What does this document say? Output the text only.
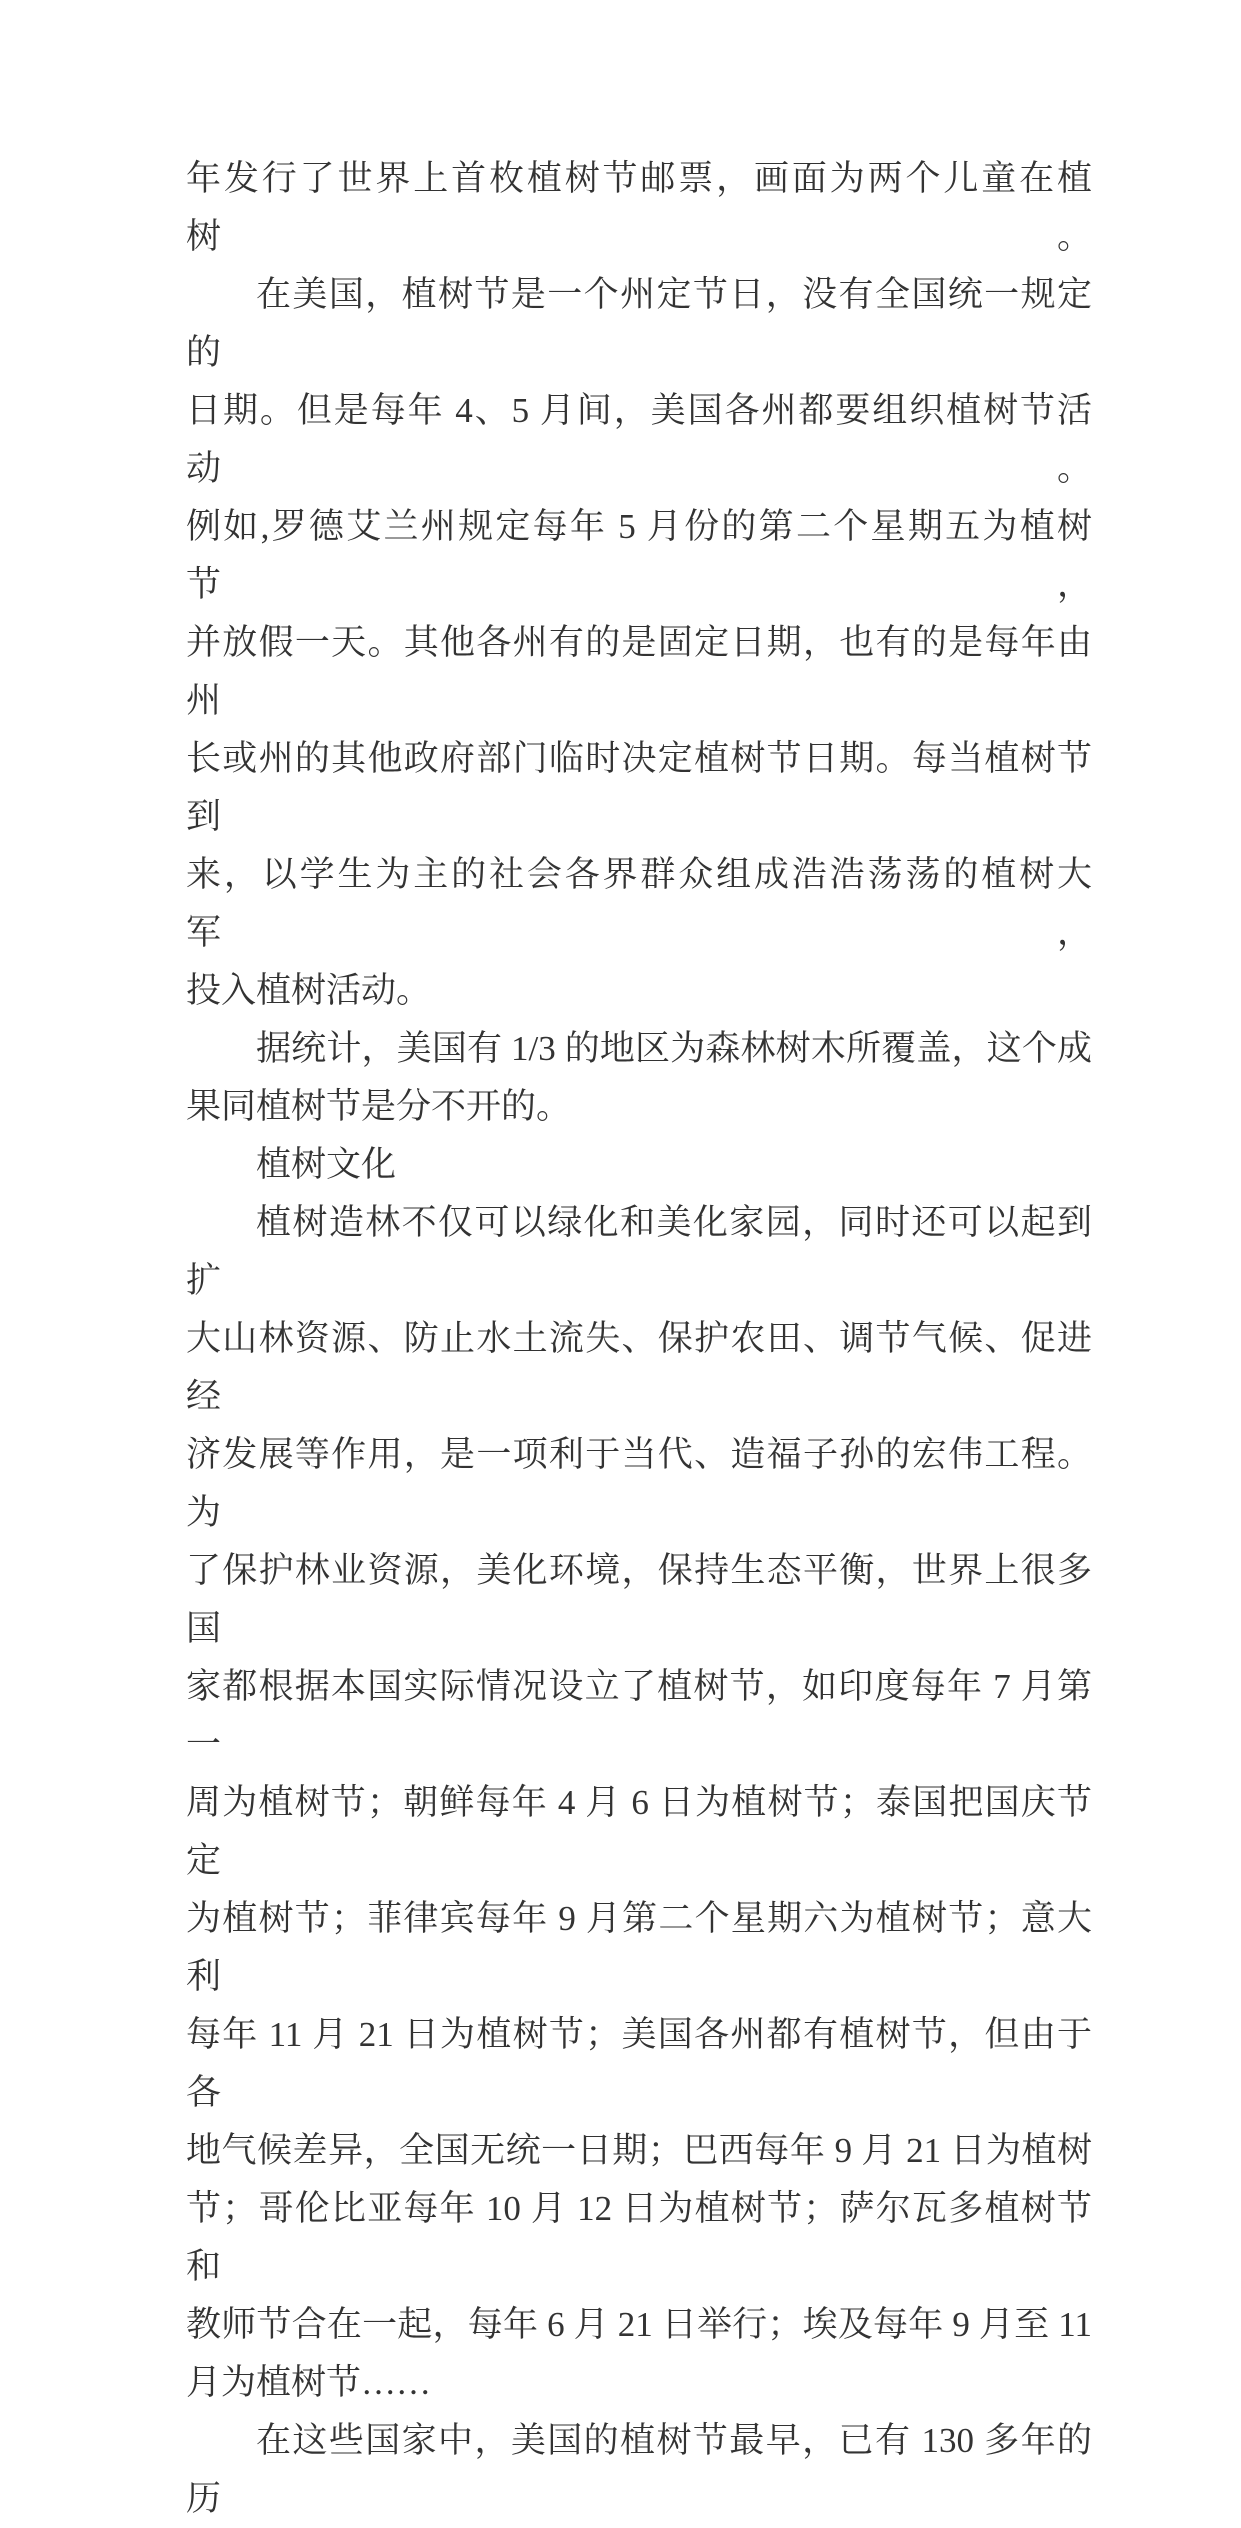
年发行了世界上首枚植树节邮票，画面为两个儿童在植树。
在美国，植树节是一个州定节日，没有全国统一规定的
日期。但是每年 4、5 月间，美国各州都要组织植树节活动。
例如,罗德艾兰州规定每年 5 月份的第二个星期五为植树节，
并放假一天。其他各州有的是固定日期，也有的是每年由州
长或州的其他政府部门临时决定植树节日期。每当植树节到
来，以学生为主的社会各界群众组成浩浩荡荡的植树大军，
投入植树活动。
据统计，美国有 1/3 的地区为森林树木所覆盖，这个成
果同植树节是分不开的。
植树文化
植树造林不仅可以绿化和美化家园，同时还可以起到扩
大山林资源、防止水土流失、保护农田、调节气候、促进经
济发展等作用，是一项利于当代、造福子孙的宏伟工程。为
了保护林业资源，美化环境，保持生态平衡，世界上很多国
家都根据本国实际情况设立了植树节，如印度每年 7 月第一
周为植树节；朝鲜每年 4 月 6 日为植树节；泰国把国庆节定
为植树节；菲律宾每年 9 月第二个星期六为植树节；意大利
每年 11 月 21 日为植树节；美国各州都有植树节，但由于各
地气候差异，全国无统一日期；巴西每年 9 月 21 日为植树
节；哥伦比亚每年 10 月 12 日为植树节；萨尔瓦多植树节和
教师节合在一起，每年 6 月 21 日举行；埃及每年 9 月至 11
月为植树节……
在这些国家中，美国的植树节最早，已有 130 多年的历
